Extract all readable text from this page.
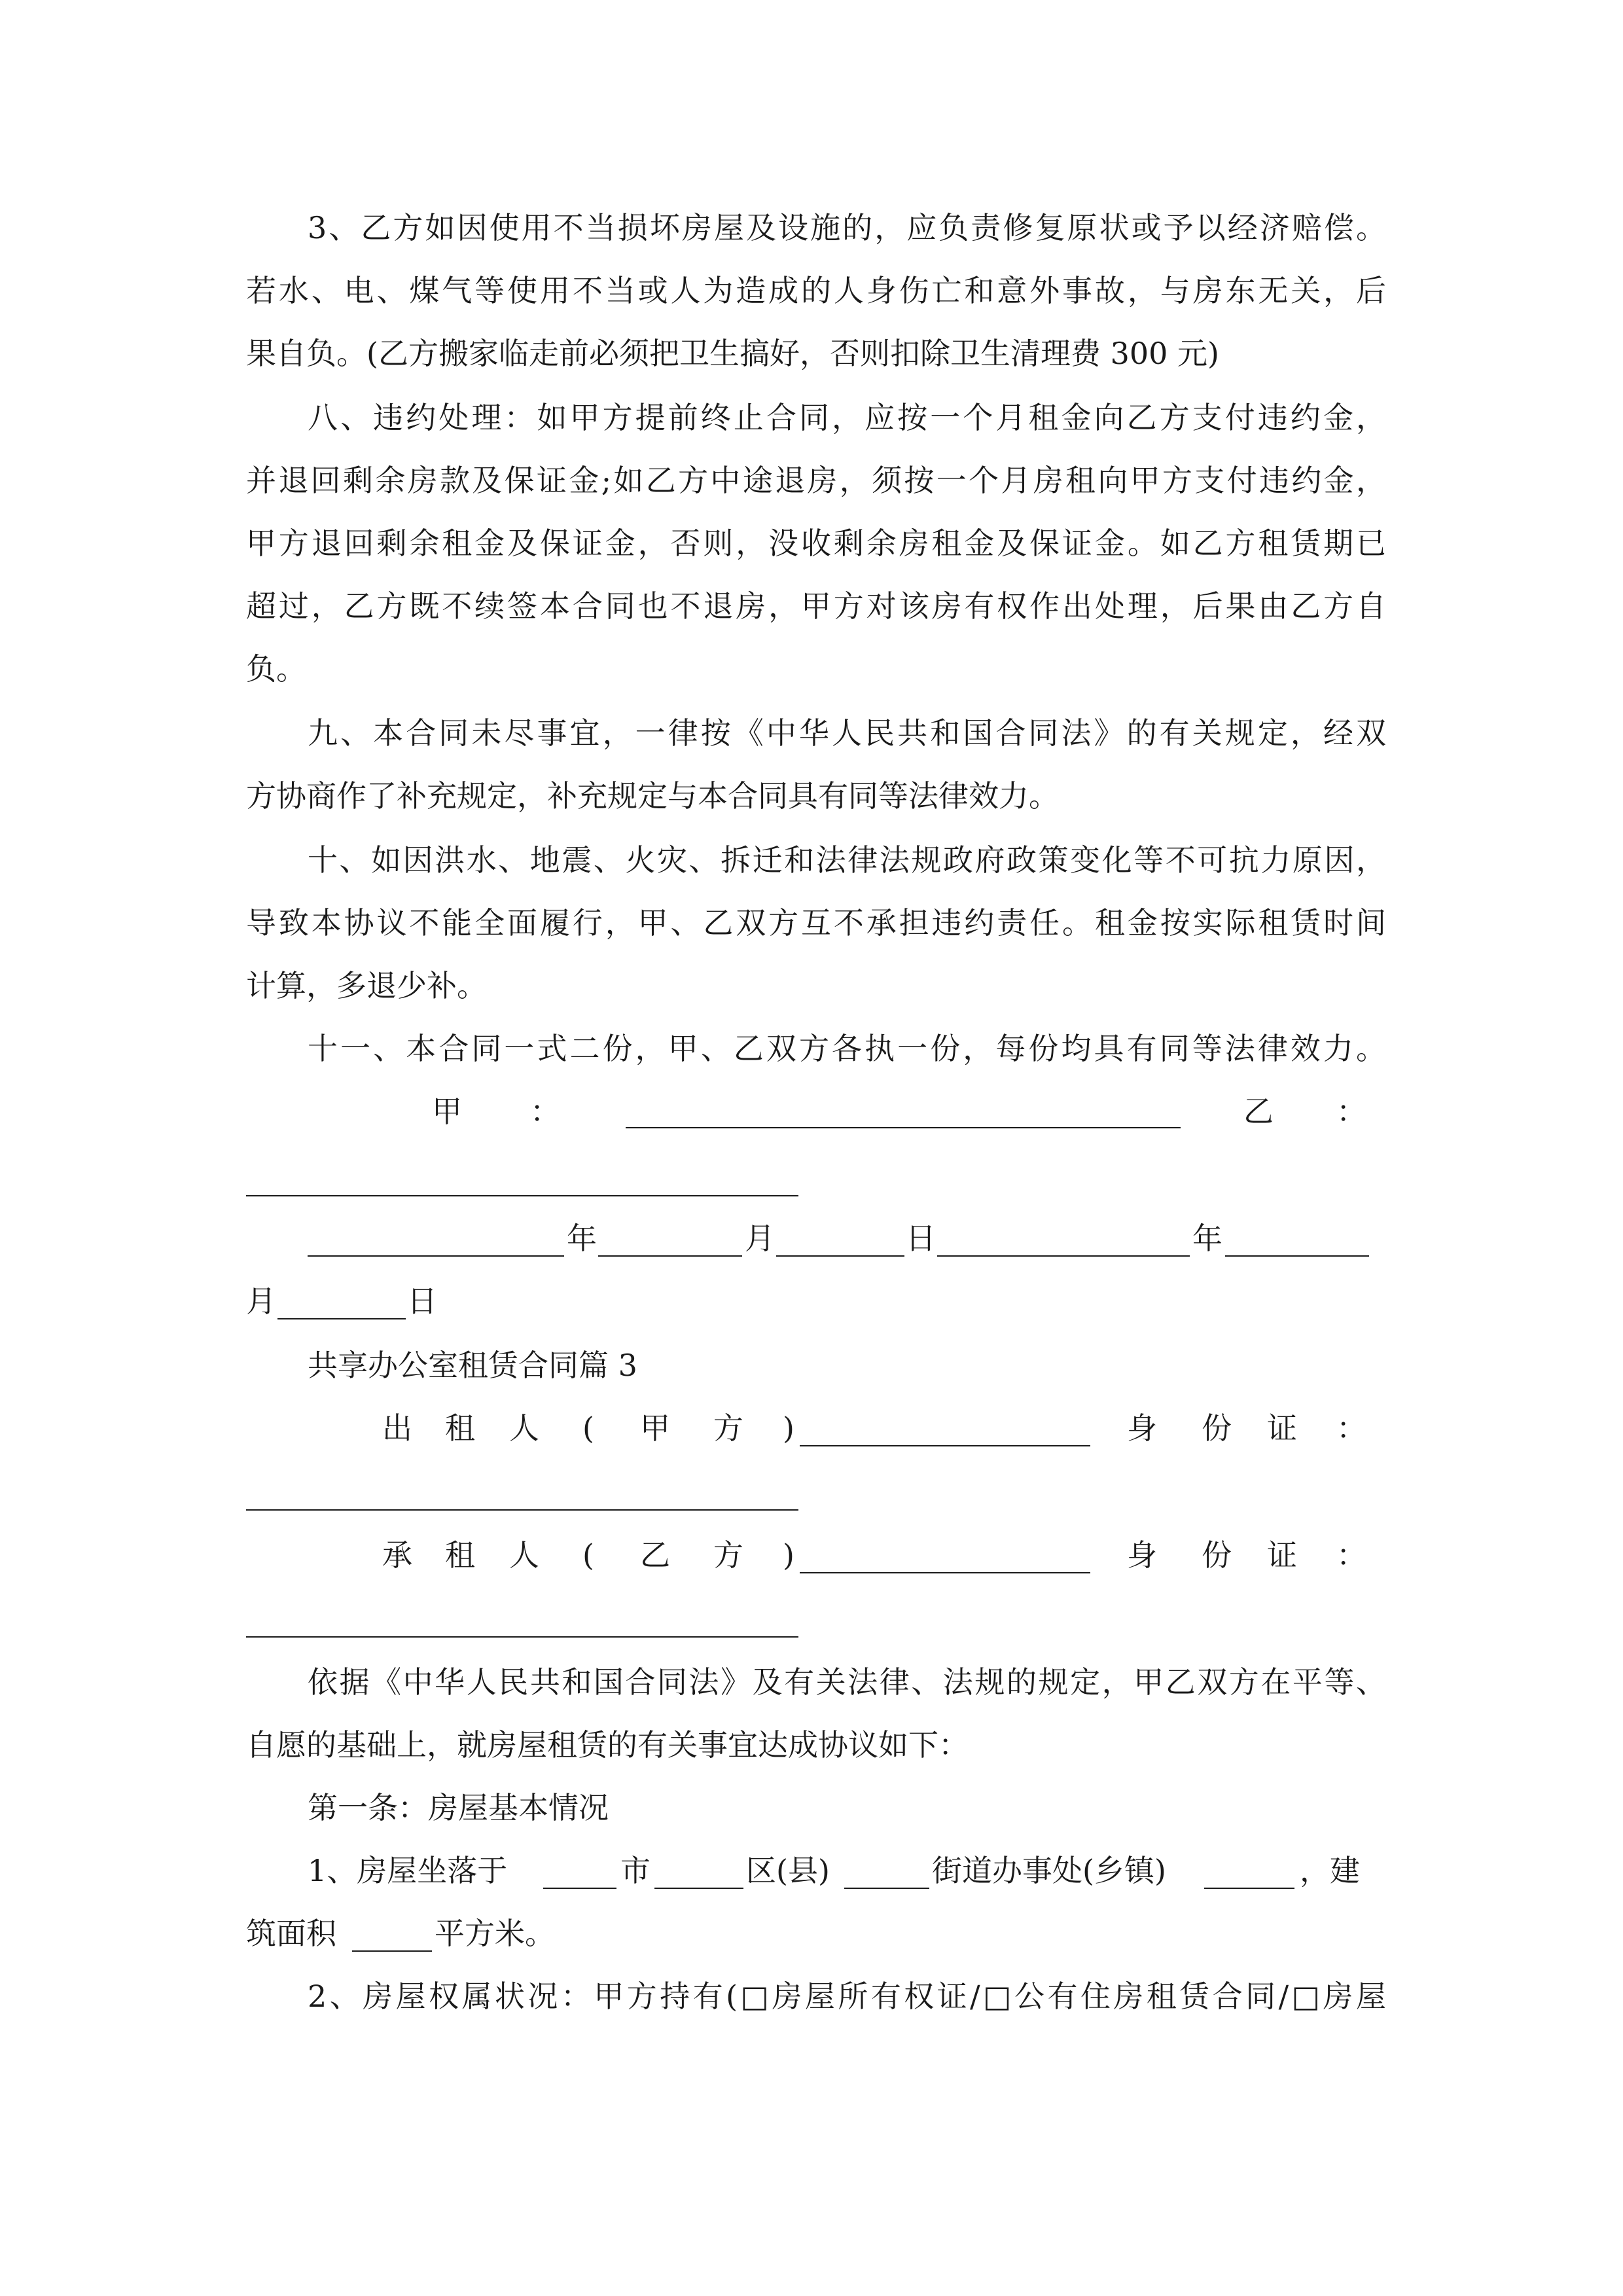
3、乙方如因使用不当损坏房屋及设施的，应负责修复原状或予以经济赔偿。
若水、电、煤气等使用不当或人为造成的人身伤亡和意外事故，与房东无关，后
果自负。(乙方搬家临走前必须把卫生搞好，否则扣除卫生清理费 300 元)
八、违约处理：如甲方提前终止合同，应按一个月租金向乙方支付违约金，
并退回剩余房款及保证金;如乙方中途退房，须按一个月房租向甲方支付违约金，
甲方退回剩余租金及保证金，否则，没收剩余房租金及保证金。如乙方租赁期已
超过，乙方既不续签本合同也不退房，甲方对该房有权作出处理，后果由乙方自
负。
九、本合同未尽事宜，一律按《中华人民共和国合同法》的有关规定，经双
方协商作了补充规定，补充规定与本合同具有同等法律效力。
十、如因洪水、地震、火灾、拆迁和法律法规政府政策变化等不可抗力原因，
导致本协议不能全面履行，甲、乙双方互不承担违约责任。租金按实际租赁时间
计算，多退少补。
十一、本合同一式二份，甲、乙双方各执一份，每份均具有同等法律效力。
甲 ：	乙 ：
年	月	日	年
月	日
共享办公室租赁合同篇 3
出 租 人 ( 甲 方 )	身 份 证 ：
承 租 人 ( 乙 方 )	身 份 证 ：
依据《中华人民共和国合同法》及有关法律、法规的规定，甲乙双方在平等、
自愿的基础上，就房屋租赁的有关事宜达成协议如下：
第一条：房屋基本情况
1、房屋坐落于	市	区(县)	街道办事处(乡镇)	，建
筑面积	平方米。
2、房屋权属状况：甲方持有(□房屋所有权证/□公有住房租赁合同/□房屋
